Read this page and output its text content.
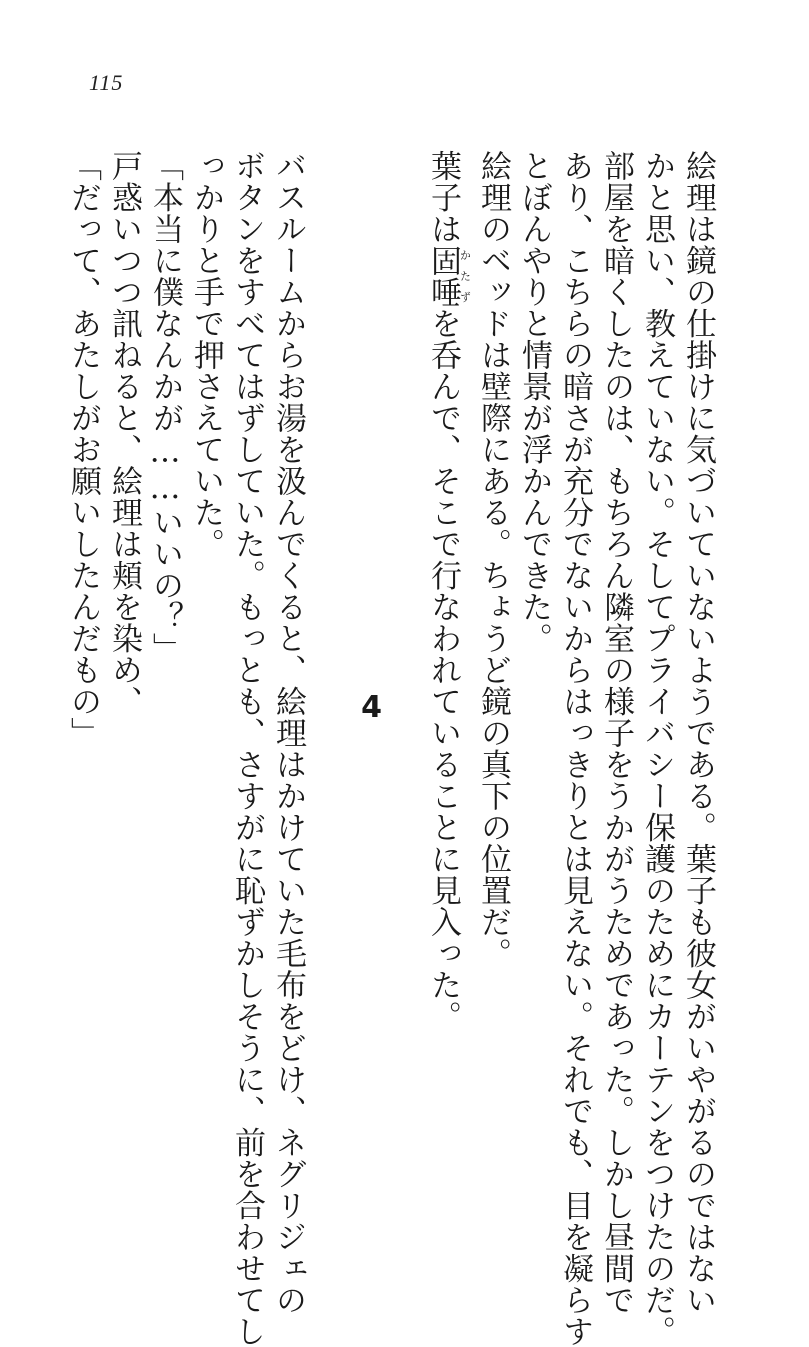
115
絵理は鏡の仕掛けに気づいていないようである。葉子も彼女がいやがるのではない
かと思い、教えていない。そしてプライバシー保護のためにカーテンをつけたのだ。
部屋を暗くしたのは、もちろん隣室の様子をうかがうためであった。しかし昼間で
あり、こちらの暗さが充分でないからはっきりとは見えない。それでも、目を凝らす
とぼんやりと情景が浮かんできた。
絵理のベッドは壁際にある。ちょうど鏡の真下の位置だ。
葉子は固唾かたずを呑んで、そこで行なわれていることに見入った。
4
バスルームからお湯を汲んでくると、絵理はかけていた毛布をどけ、ネグリジェの
ボタンをすべてはずしていた。もっとも、さすがに恥ずかしそうに、前を合わせてし
っかりと手で押さえていた。
「本当に僕なんかが……いいの？」
戸惑いつつ訊ねると、絵理は頬を染め、
「だって、あたしがお願いしたんだもの」
